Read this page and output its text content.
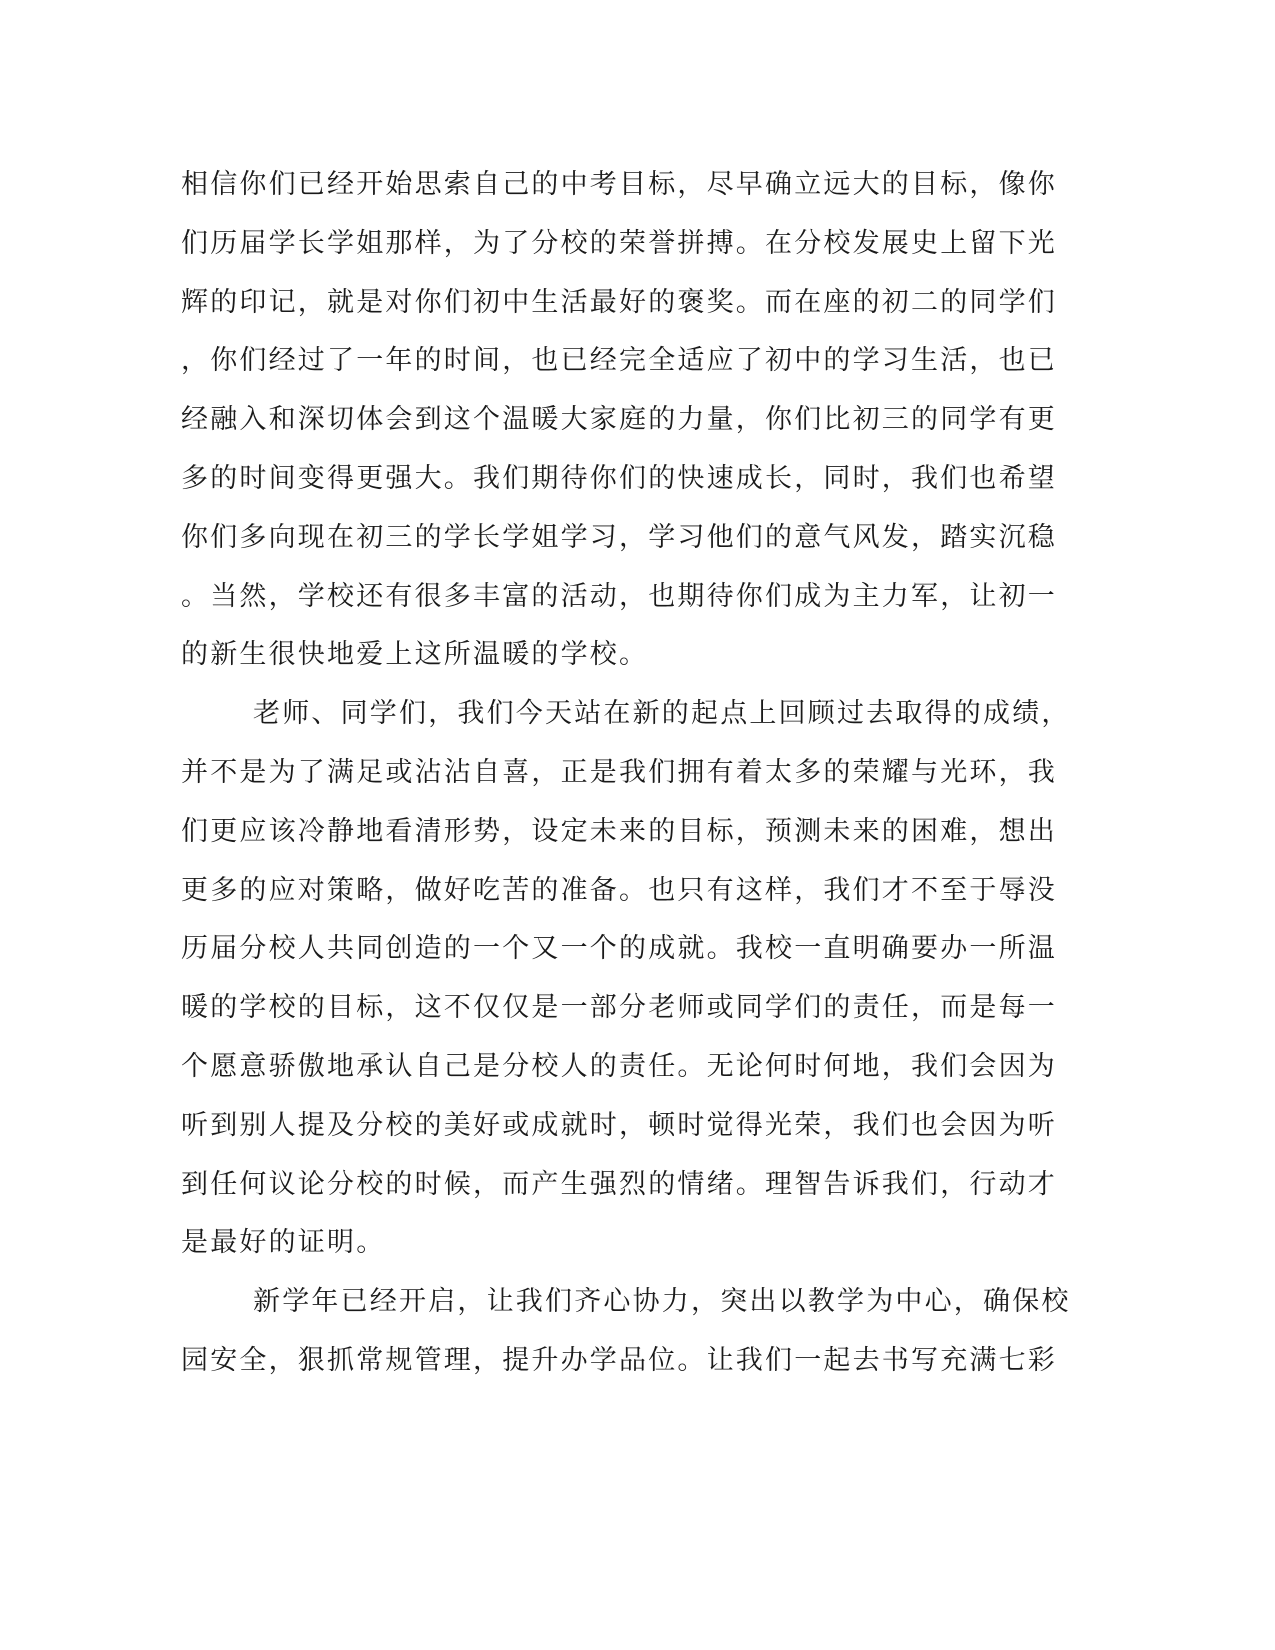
相信你们已经开始思索自己的中考目标，尽早确立远大的目标，像你
们历届学长学姐那样，为了分校的荣誉拼搏。在分校发展史上留下光
辉的印记，就是对你们初中生活最好的褒奖。而在座的初二的同学们
，你们经过了一年的时间，也已经完全适应了初中的学习生活，也已
经融入和深切体会到这个温暖大家庭的力量，你们比初三的同学有更
多的时间变得更强大。我们期待你们的快速成长，同时，我们也希望
你们多向现在初三的学长学姐学习，学习他们的意气风发，踏实沉稳
。当然，学校还有很多丰富的活动，也期待你们成为主力军，让初一
的新生很快地爱上这所温暖的学校。
老师、同学们，我们今天站在新的起点上回顾过去取得的成绩，
并不是为了满足或沾沾自喜，正是我们拥有着太多的荣耀与光环，我
们更应该冷静地看清形势，设定未来的目标，预测未来的困难，想出
更多的应对策略，做好吃苦的准备。也只有这样，我们才不至于辱没
历届分校人共同创造的一个又一个的成就。我校一直明确要办一所温
暖的学校的目标，这不仅仅是一部分老师或同学们的责任，而是每一
个愿意骄傲地承认自己是分校人的责任。无论何时何地，我们会因为
听到别人提及分校的美好或成就时，顿时觉得光荣，我们也会因为听
到任何议论分校的时候，而产生强烈的情绪。理智告诉我们，行动才
是最好的证明。
新学年已经开启，让我们齐心协力，突出以教学为中心，确保校
园安全，狠抓常规管理，提升办学品位。让我们一起去书写充满七彩
